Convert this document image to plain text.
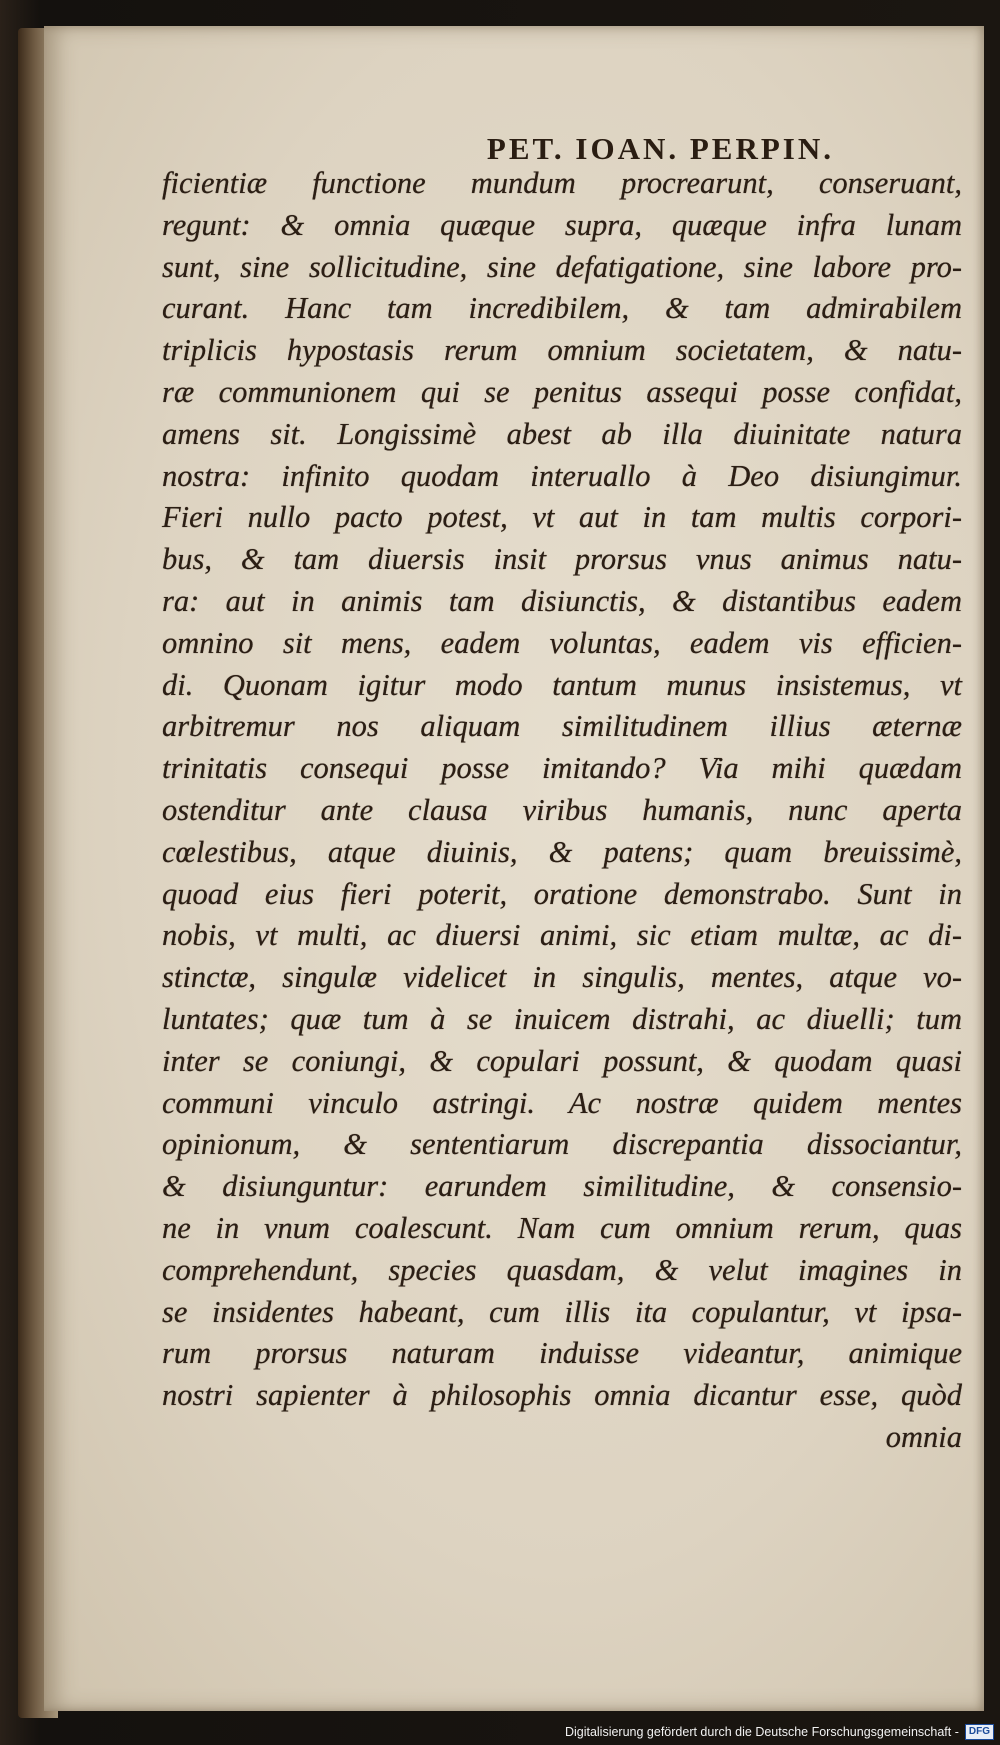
PET. IOAN. PERPIN.
ficientiæ functione mundum procrearunt, conseruant,
regunt: & omnia quæque supra, quæque infra lunam
sunt, sine sollicitudine, sine defatigatione, sine labore pro-
curant. Hanc tam incredibilem, & tam admirabilem
triplicis hypostasis rerum omnium societatem, & natu-
ræ communionem qui se penitus assequi posse confidat,
amens sit. Longissimè abest ab illa diuinitate natura
nostra: infinito quodam interuallo à Deo disiungimur.
Fieri nullo pacto potest, vt aut in tam multis corpori-
bus, & tam diuersis insit prorsus vnus animus natu-
ra: aut in animis tam disiunctis, & distantibus eadem
omnino sit mens, eadem voluntas, eadem vis efficien-
di. Quonam igitur modo tantum munus insistemus, vt
arbitremur nos aliquam similitudinem illius æternæ
trinitatis consequi posse imitando? Via mihi quædam
ostenditur ante clausa viribus humanis, nunc aperta
cœlestibus, atque diuinis, & patens; quam breuissimè,
quoad eius fieri poterit, oratione demonstrabo. Sunt in
nobis, vt multi, ac diuersi animi, sic etiam multæ, ac di-
stinctæ, singulæ videlicet in singulis, mentes, atque vo-
luntates; quæ tum à se inuicem distrahi, ac diuelli; tum
inter se coniungi, & copulari possunt, & quodam quasi
communi vinculo astringi. Ac nostræ quidem mentes
opinionum, & sententiarum discrepantia dissociantur,
& disiunguntur: earundem similitudine, & consensio-
ne in vnum coalescunt. Nam cum omnium rerum, quas
comprehendunt, species quasdam, & velut imagines in
se insidentes habeant, cum illis ita copulantur, vt ipsa-
rum prorsus naturam induisse videantur, animique
nostri sapienter à philosophis omnia dicantur esse, quòd
omnia
Digitalisierung gefördert durch die Deutsche Forschungsgemeinschaft -	DFG
